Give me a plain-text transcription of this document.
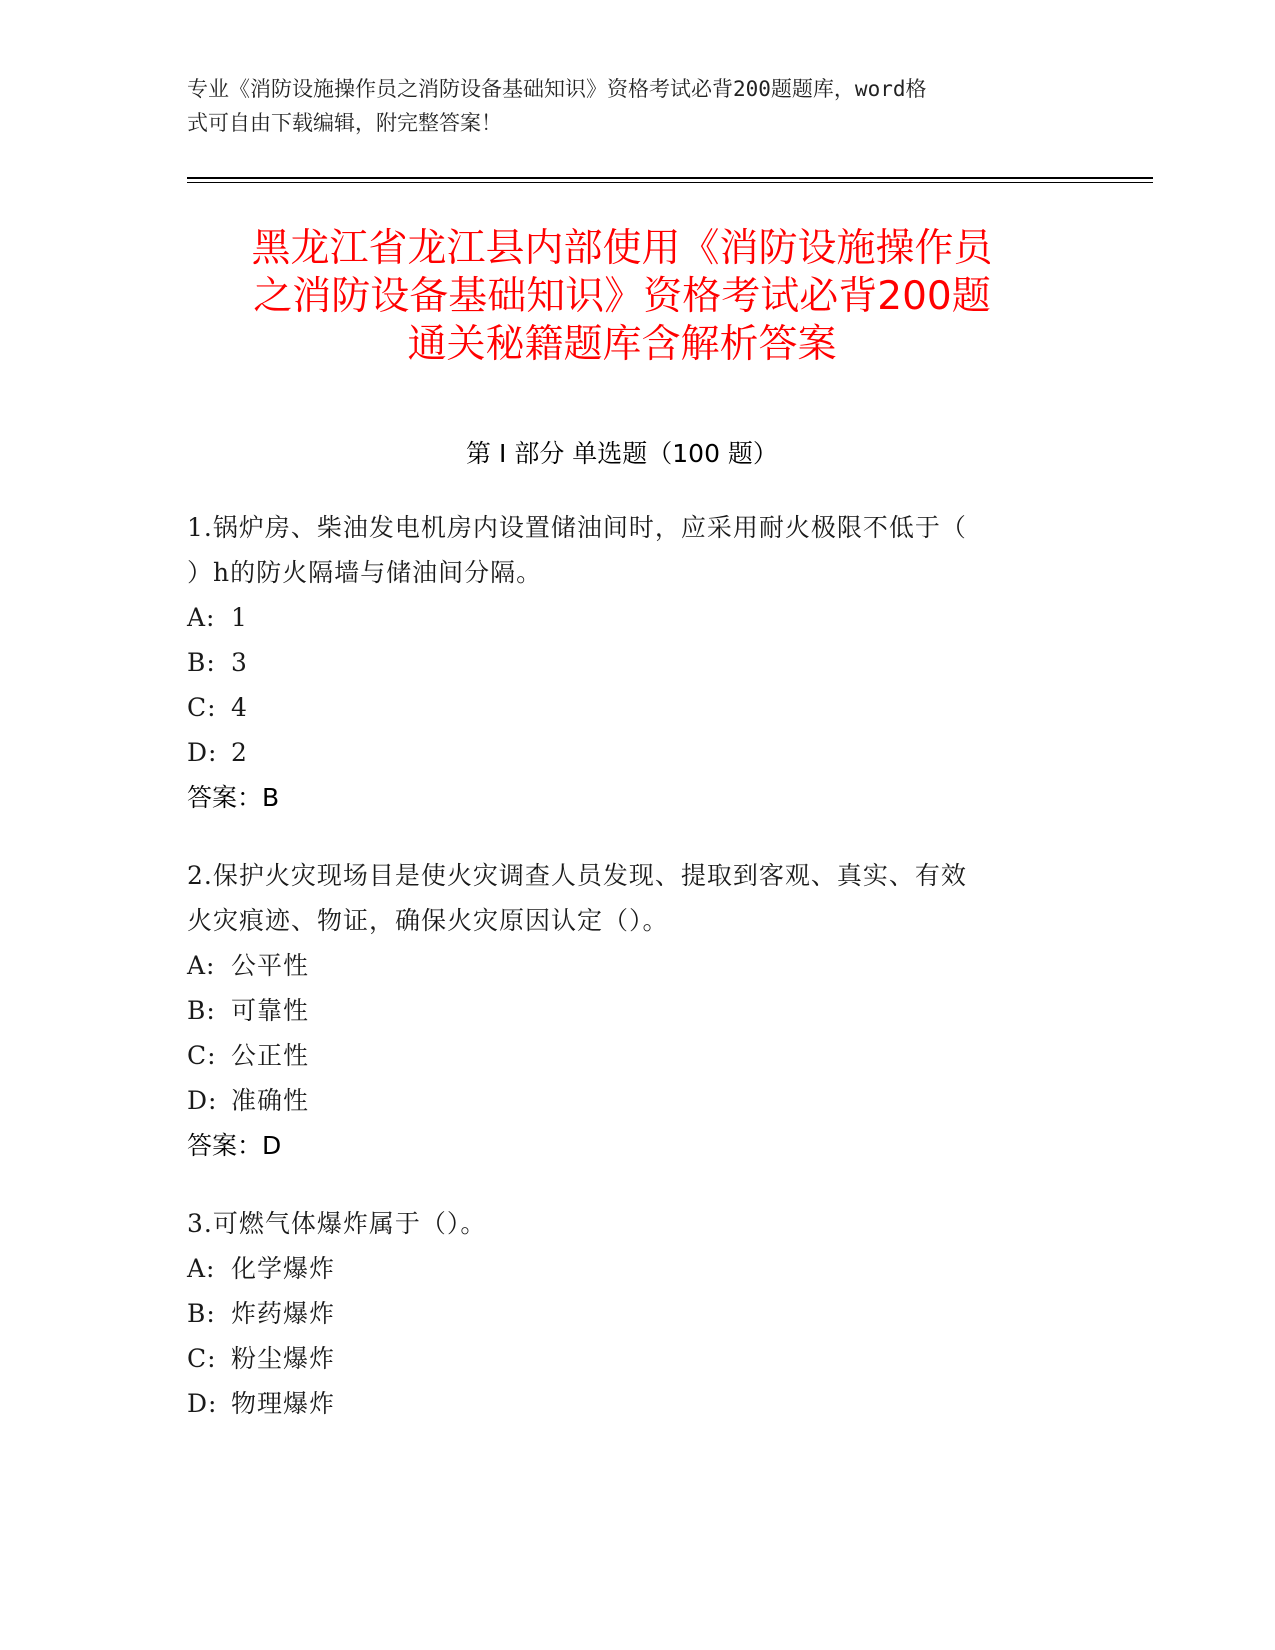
专业《消防设施操作员之消防设备基础知识》资格考试必背200题题库，word格
式可自由下载编辑，附完整答案！
黑龙江省龙江县内部使用《消防设施操作员
之消防设备基础知识》资格考试必背200题
通关秘籍题库含解析答案
第 I 部分 单选题（100 题）
1.锅炉房、柴油发电机房内设置储油间时，应采用耐火极限不低于（
）h的防火隔墙与储油间分隔。
A: 1
B: 3
C: 4
D: 2
答案：B
2.保护火灾现场目是使火灾调查人员发现、提取到客观、真实、有效
火灾痕迹、物证，确保火灾原因认定（）。
A: 公平性
B: 可靠性
C: 公正性
D: 准确性
答案：D
3.可燃气体爆炸属于（）。
A: 化学爆炸
B: 炸药爆炸
C: 粉尘爆炸
D: 物理爆炸
